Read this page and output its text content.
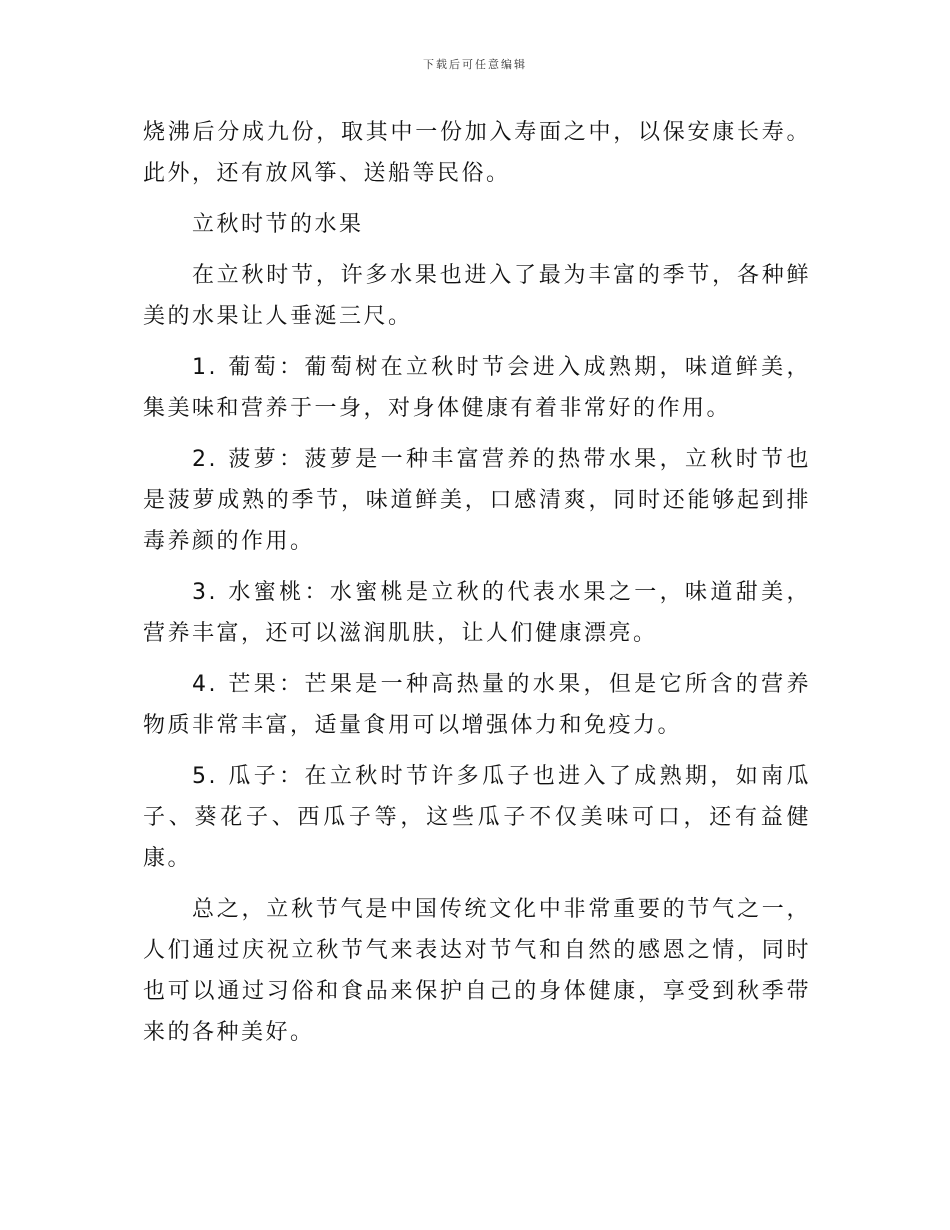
下载后可任意编辑

烧沸后分成九份，取其中一份加入寿面之中，以保安康长寿。此外，还有放风筝、送船等民俗。

立秋时节的水果

在立秋时节，许多水果也进入了最为丰富的季节，各种鲜美的水果让人垂涎三尺。

1. 葡萄：葡萄树在立秋时节会进入成熟期，味道鲜美，集美味和营养于一身，对身体健康有着非常好的作用。

2. 菠萝：菠萝是一种丰富营养的热带水果，立秋时节也是菠萝成熟的季节，味道鲜美，口感清爽，同时还能够起到排毒养颜的作用。

3. 水蜜桃：水蜜桃是立秋的代表水果之一，味道甜美，营养丰富，还可以滋润肌肤，让人们健康漂亮。

4. 芒果：芒果是一种高热量的水果，但是它所含的营养物质非常丰富，适量食用可以增强体力和免疫力。

5. 瓜子：在立秋时节许多瓜子也进入了成熟期，如南瓜子、葵花子、西瓜子等，这些瓜子不仅美味可口，还有益健康。

总之，立秋节气是中国传统文化中非常重要的节气之一，人们通过庆祝立秋节气来表达对节气和自然的感恩之情，同时也可以通过习俗和食品来保护自己的身体健康，享受到秋季带来的各种美好。
